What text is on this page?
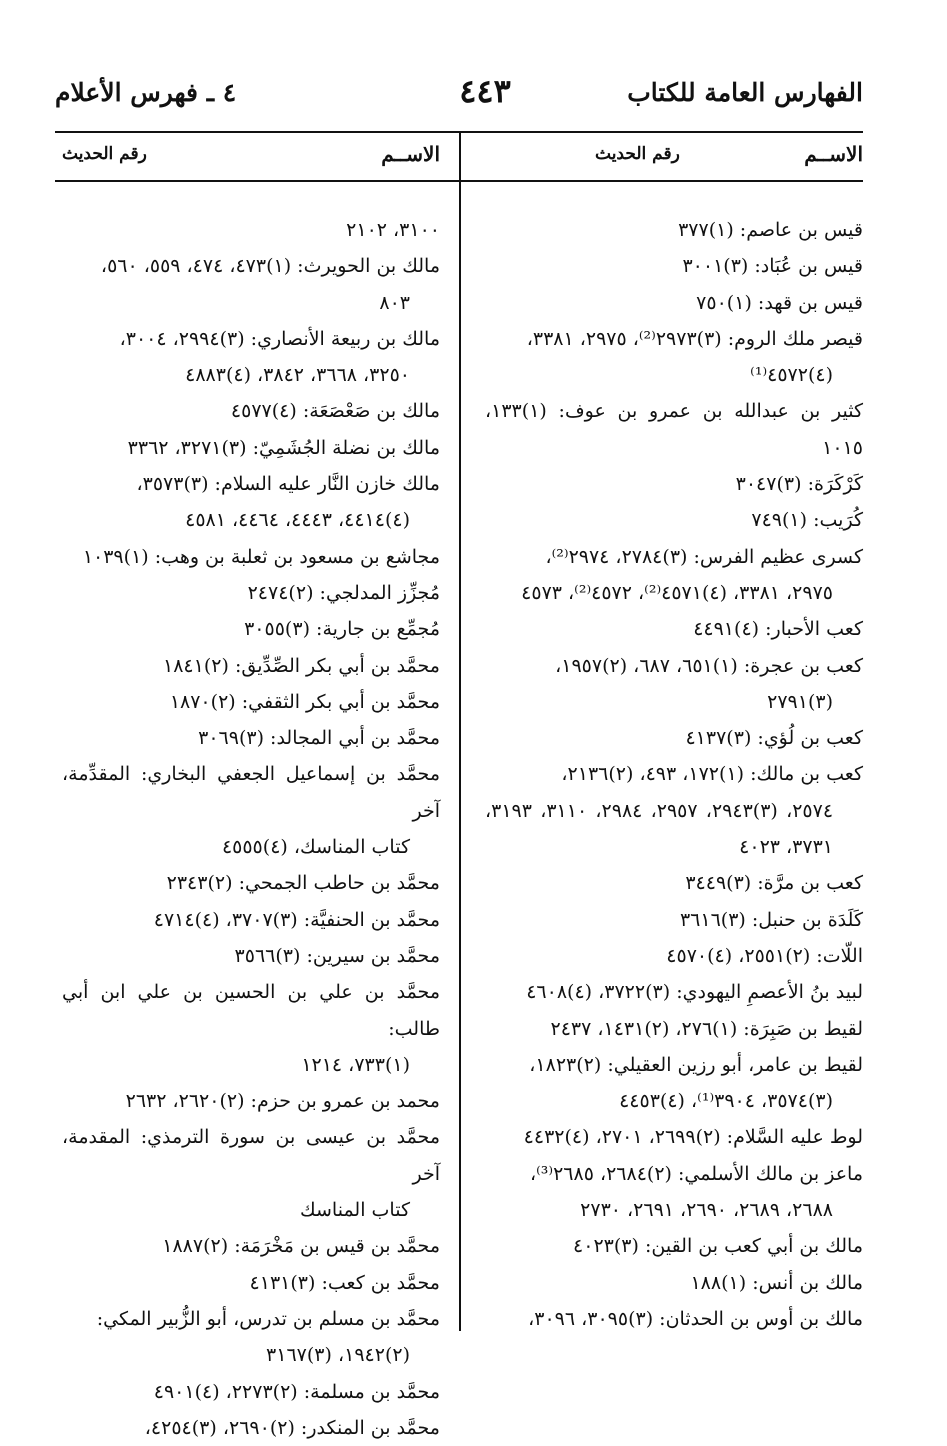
الفهارس العامة للكتاب
٤٤٣
٤ ـ فهرس الأعلام
الاســم
رقم الحديث
الاســم
رقم الحديث
قيس بن عاصم: (١)٣٧٧
قيس بن عُبَاد: (٣)٣٠٠١
قيس بن قهد: (١)٧٥٠
قيصر ملك الروم: (٣)٢٩٧٣⁽²⁾، ٢٩٧٥، ٣٣٨١،
(٤)٤٥٧٢⁽¹⁾
كثير بن عبدالله بن عمرو بن عوف: (١)١٣٣، ١٠١٥
كَرْكَرَة: (٣)٣٠٤٧
كُرَيب: (١)٧٤٩
كسرى عظيم الفرس: (٣)٢٧٨٤، ٢٩٧٤⁽²⁾،
٢٩٧٥، ٣٣٨١، (٤)٤٥٧١⁽²⁾، ٤٥٧٢⁽²⁾، ٤٥٧٣
كعب الأحبار: (٤)٤٤٩١
كعب بن عجرة: (١)٦٥١، ٦٨٧، (٢)١٩٥٧،
(٣)٢٧٩١
كعب بن لُؤي: (٣)٤١٣٧
كعب بن مالك: (١)١٧٢، ٤٩٣، (٢)٢١٣٦،
٢٥٧٤، (٣)٢٩٤٣، ٢٩٥٧، ٢٩٨٤، ٣١١٠، ٣١٩٣، ٣٧٣١، ٤٠٢٣
كعب بن مرَّة: (٣)٣٤٤٩
كَلَدَة بن حنبل: (٣)٣٦١٦
اللّات: (٢)٢٥٥١، (٤)٤٥٧٠
لبيد بنُ الأعصمِ اليهودي: (٣)٣٧٢٢، (٤)٤٦٠٨
لقيط بن صَبِرَة: (١)٢٧٦، (٢)١٤٣١، ٢٤٣٧
لقيط بن عامر، أبو رزين العقيلي: (٢)١٨٢٣،
(٣)٣٥٧٤، ٣٩٠٤⁽¹⁾، (٤)٤٤٥٣
لوط عليه السَّلام: (٢)٢٦٩٩، ٢٧٠١، (٤)٤٤٣٢
ماعز بن مالك الأسلمي: (٢)٢٦٨٤، ٢٦٨٥⁽³⁾،
٢٦٨٨، ٢٦٨٩، ٢٦٩٠، ٢٦٩١، ٢٧٣٠
مالك بن أبي كعب بن القين: (٣)٤٠٢٣
مالك بن أنس: (١)١٨٨
مالك بن أوس بن الحدثان: (٣)٣٠٩٥، ٣٠٩٦،
٣١٠٠، ٢١٠٢
مالك بن الحويرث: (١)٤٧٣، ٤٧٤، ٥٥٩، ٥٦٠،
٨٠٣
مالك بن ربيعة الأنصاري: (٣)٢٩٩٤، ٣٠٠٤،
٣٢٥٠، ٣٦٦٨، ٣٨٤٢، (٤)٤٨٨٣
مالك بن صَعْصَعَة: (٤)٤٥٧٧
مالك بن نضلة الجُشَمِيّ: (٣)٣٢٧١، ٣٣٦٢
مالك خازن النَّار عليه السلام: (٣)٣٥٧٣،
(٤)٤٤١٤، ٤٤٤٣، ٤٤٦٤، ٤٥٨١
مجاشع بن مسعود بن ثعلبة بن وهب: (١)١٠٣٩
مُجزِّز المدلجي: (٢)٢٤٧٤
مُجمِّع بن جارية: (٣)٣٠٥٥
محمَّد بن أبي بكر الصِّدِّيق: (٢)١٨٤١
محمَّد بن أبي بكر الثقفي: (٢)١٨٧٠
محمَّد بن أبي المجالد: (٣)٣٠٦٩
محمَّد بن إسماعيل الجعفي البخاري: المقدِّمة، آخر
كتاب المناسك، (٤)٤٥٥٥
محمَّد بن حاطب الجمحي: (٢)٢٣٤٣
محمَّد بن الحنفيَّة: (٣)٣٧٠٧، (٤)٤٧١٤
محمَّد بن سيرين: (٣)٣٥٦٦
محمَّد بن علي بن الحسين بن علي ابن أبي طالب:
(١)٧٣٣، ١٢١٤
محمد بن عمرو بن حزم: (٢)٢٦٢٠، ٢٦٣٢
محمَّد بن عيسى بن سورة الترمذي: المقدمة، آخر
كتاب المناسك
محمَّد بن قيس بن مَخْرَمَة: (٢)١٨٨٧
محمَّد بن كعب: (٣)٤١٣١
محمَّد بن مسلم بن تدرس، أبو الزُّبير المكي:
(٢)١٩٤٢، (٣)٣١٦٧
محمَّد بن مسلمة: (٢)٢٢٧٣، (٤)٤٩٠١
محمَّد بن المنكدر: (٢)٢٦٩٠، (٣)٤٢٥٤،
